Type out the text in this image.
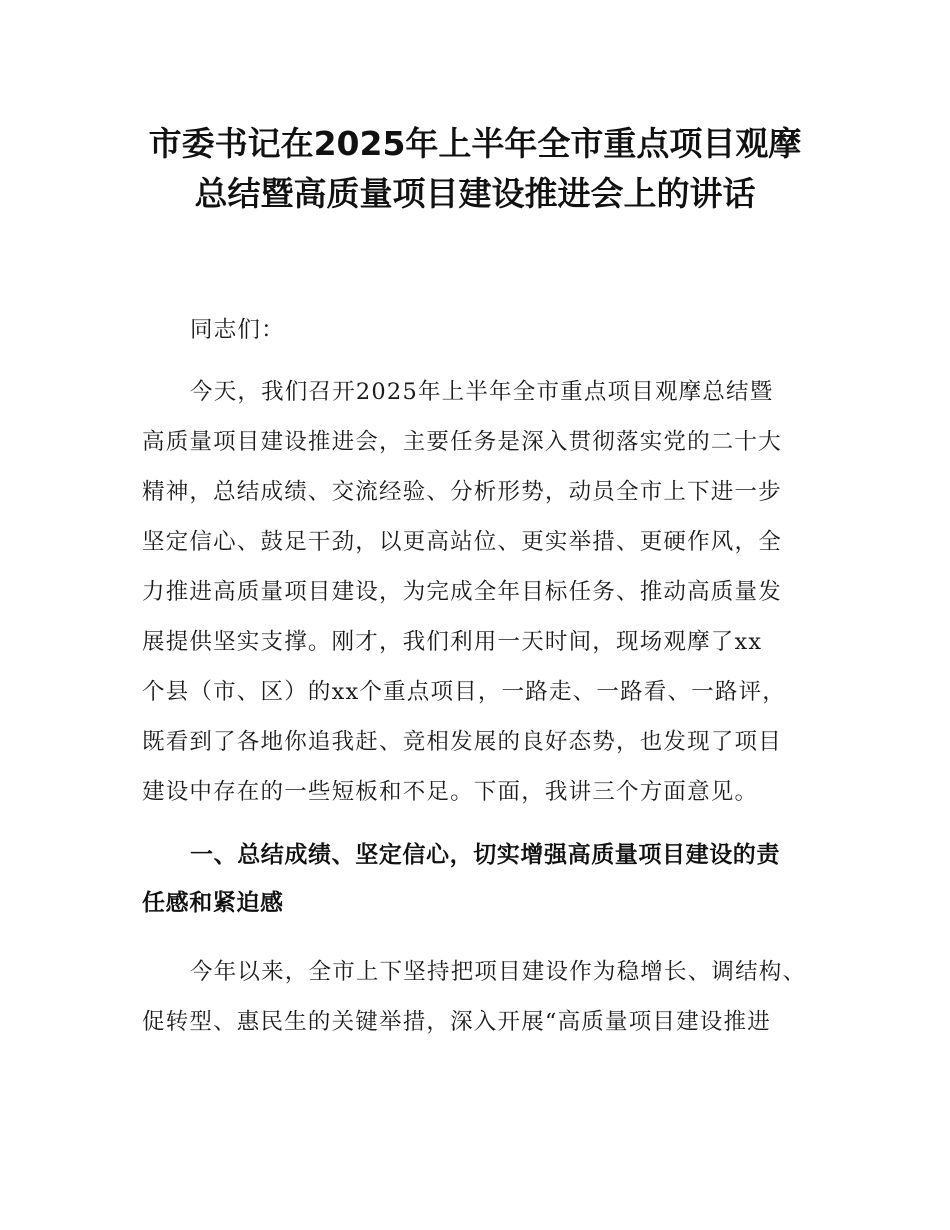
市委书记在2025年上半年全市重点项目观摩
总结暨高质量项目建设推进会上的讲话
同志们：
今天，我们召开2025年上半年全市重点项目观摩总结暨
高质量项目建设推进会，主要任务是深入贯彻落实党的二十大
精神，总结成绩、交流经验、分析形势，动员全市上下进一步
坚定信心、鼓足干劲，以更高站位、更实举措、更硬作风，全
力推进高质量项目建设，为完成全年目标任务、推动高质量发
展提供坚实支撑。刚才，我们利用一天时间，现场观摩了xx
个县（市、区）的xx个重点项目，一路走、一路看、一路评，
既看到了各地你追我赶、竞相发展的良好态势，也发现了项目
建设中存在的一些短板和不足。下面，我讲三个方面意见。
一、总结成绩、坚定信心，切实增强高质量项目建设的责
任感和紧迫感
今年以来，全市上下坚持把项目建设作为稳增长、调结构、
促转型、惠民生的关键举措，深入开展“高质量项目建设推进
